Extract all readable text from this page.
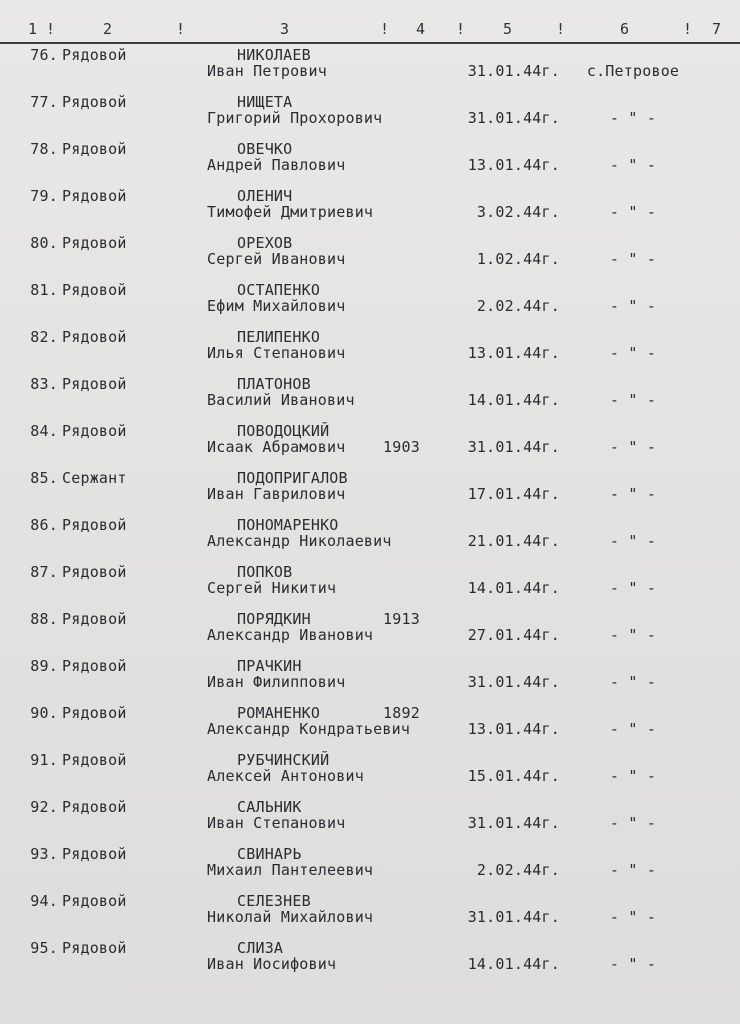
1 !	2	!	3	! 4 !	5	!	6	! 7
76. Рядовой	НИКОЛАЕВ
Иван Петрович	31.01.44г.	с.Петровое
77. Рядовой	НИЩЕТА
Григорий Прохорович	31.01.44г.	- " -
78. Рядовой	ОВЕЧКО
Андрей Павлович	13.01.44г.	- " -
79. Рядовой	ОЛЕНИЧ
Тимофей Дмитриевич	3.02.44г.	- " -
80. Рядовой	ОРЕХОВ
Сергей Иванович	1.02.44г.	- " -
81. Рядовой	ОСТАПЕНКО
Ефим Михайлович	2.02.44г.	- " -
82. Рядовой	ПЕЛИПЕНКО
Илья Степанович	13.01.44г.	- " -
83. Рядовой	ПЛАТОНОВ
Василий Иванович	14.01.44г.	- " -
84. Рядовой	ПОВОДОЦКИЙ
Исаак Абрамович	1903	31.01.44г.	- " -
85. Сержант	ПОДОПРИГАЛОВ
Иван Гаврилович	17.01.44г.	- " -
86. Рядовой	ПОНОМАРЕНКО
Александр Николаевич	21.01.44г.	- " -
87. Рядовой	ПОПКОВ
Сергей Никитич	14.01.44г.	- " -
88. Рядовой	ПОРЯДКИН	1913
Александр Иванович	27.01.44г.	- " -
89. Рядовой	ПРАЧКИН
Иван Филиппович	31.01.44г.	- " -
90. Рядовой	РОМАНЕНКО	1892
Александр Кондратьевич	13.01.44г.	- " -
91. Рядовой	РУБЧИНСКИЙ
Алексей Антонович	15.01.44г.	- " -
92. Рядовой	САЛЬНИК
Иван Степанович	31.01.44г.	- " -
93. Рядовой	СВИНАРЬ
Михаил Пантелеевич	2.02.44г.	- " -
94. Рядовой	СЕЛЕЗНЕВ
Николай Михайлович	31.01.44г.	- " -
95. Рядовой	СЛИЗА
Иван Иосифович	14.01.44г.	- " -
